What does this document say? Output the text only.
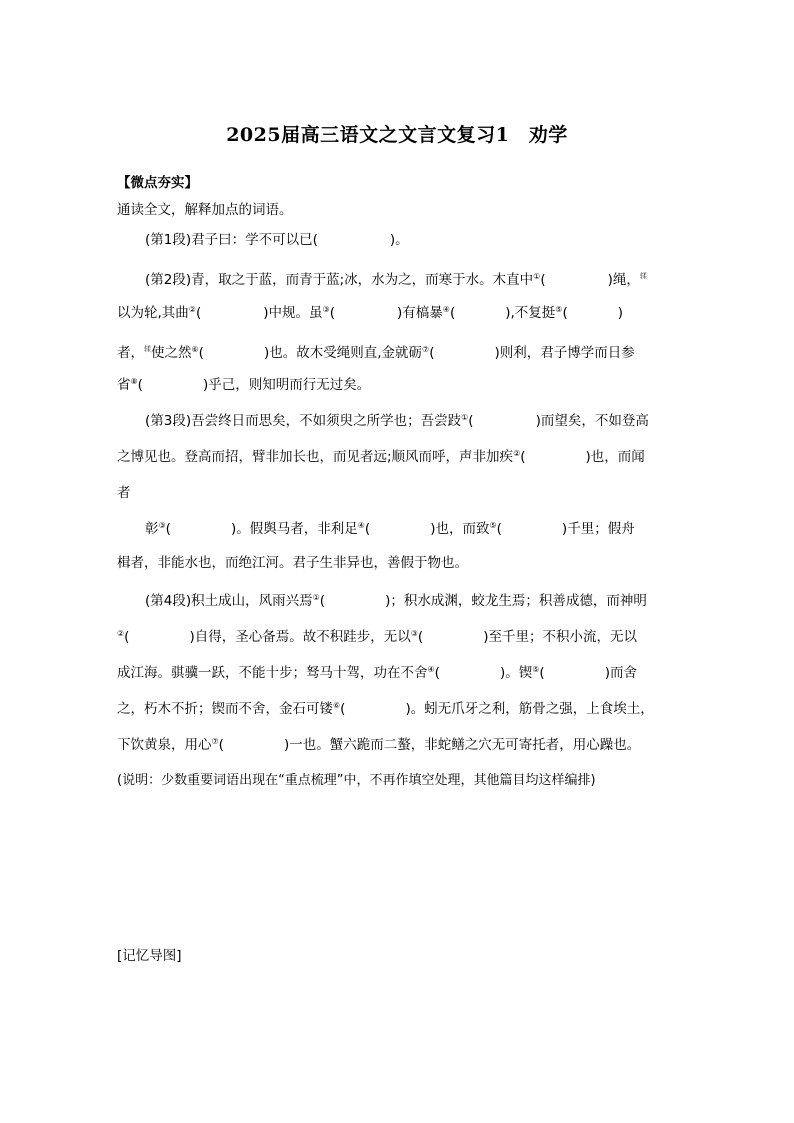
2025届高三语文之文言文复习1　劝学
【微点夯实】
通读全文，解释加点的词语。
(第1段)君子曰：学不可以已(	)。
(第2段)青，取之于蓝，而青于蓝;冰，水为之，而寒于水。木直中①(	)绳，$^𫐓$
以为轮,其曲②(	)中规。虽③(	)有槁暴④(	),不复挺⑤(	)
者，$^𫐓$使之然⑥(	)也。故木受绳则直,金就砺⑦(	)则利，君子博学而日参
省⑧(	)乎己，则知明而行无过矣。
(第3段)吾尝终日而思矣，不如须臾之所学也；吾尝跂①(	)而望矣，不如登高
之博见也。登高而招，臂非加长也，而见者远;顺风而呼，声非加疾②(	)也，而闻
者
彰③(	)。假舆马者，非利足④(	)也，而致⑤(	)千里；假舟
楫者，非能水也，而绝江河。君子生非异也，善假于物也。
(第4段)积土成山，风雨兴焉①(	)；积水成渊，蛟龙生焉；积善成德，而神明
②(	)自得，圣心备焉。故不积跬步，无以③(	)至千里；不积小流，无以
成江海。骐骥一跃，不能十步；驽马十驾，功在不舍④(	)。锲⑤(	)而舍
之，朽木不折；锲而不舍，金石可镂⑥(	)。蚓无爪牙之利，筋骨之强，上食埃土，
下饮黄泉，用心⑦(	)一也。蟹六跪而二螯，非蛇鳝之穴无可寄托者，用心躁也。
(说明：少数重要词语出现在“重点梳理”中，不再作填空处理，其他篇目均这样编排)
[记忆导图]
